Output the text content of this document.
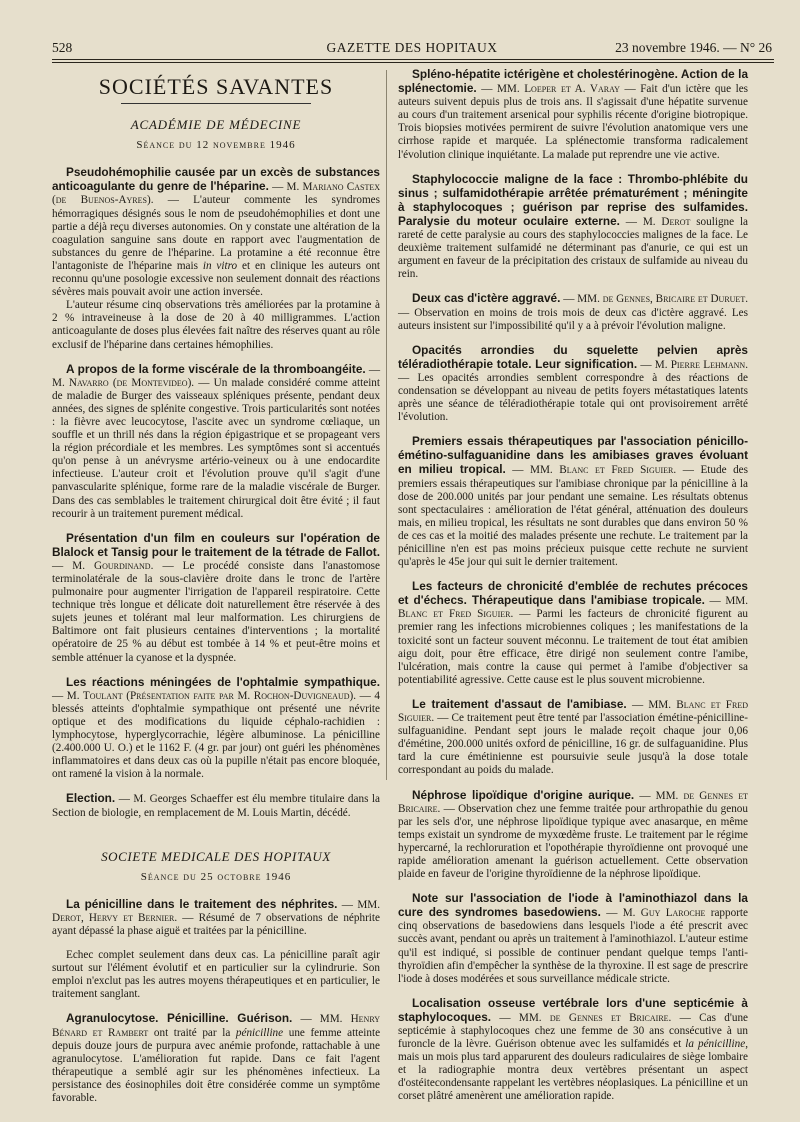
528	GAZETTE DES HOPITAUX	23 novembre 1946. — N° 26

SOCIÉTÉS SAVANTES

ACADÉMIE DE MÉDECINE

Séance du 12 novembre 1946

Pseudohémophilie causée par un excès de substances anticoagulante du genre de l'héparine. — M. Mariano Castex (de Buenos-Ayres). — L'auteur commente les syndromes hémorragiques désignés sous le nom de pseudohémophilies et dont une partie a déjà reçu diverses autonomies. On y constate une altération de la coagulation sanguine sans doute en rapport avec l'augmentation de substances du genre de l'héparine. La protamine a été reconnue être l'antagoniste de l'héparine mais in vitro et en clinique les auteurs ont reconnu qu'une posologie excessive non seulement donnait des réactions sévères mais pouvait avoir une action inversée.

L'auteur résume cinq observations très améliorées par la protamine à 2 % intraveineuse à la dose de 20 à 40 milligrammes. L'action anticoagulante de doses plus élevées fait naître des réserves quant au rôle exclusif de l'héparine dans certaines hémophilies.

A propos de la forme viscérale de la thromboangéite. — M. Navarro (de Montevideo). — Un malade considéré comme atteint de maladie de Burger des vaisseaux spléniques présente, pendant deux années, des signes de splénite congestive. Trois particularités sont notées : la fièvre avec leucocytose, l'ascite avec un syndrome cœliaque, un souffle et un thrill nés dans la région épigastrique et se propageant vers la région précordiale et les membres. Les symptômes sont si accentués qu'on pense à un anévrysme artério-veineux ou à une endocardite infectieuse. L'auteur croit et l'évolution prouve qu'il s'agit d'une panvascularite splénique, forme rare de la maladie viscérale de Burger. Dans des cas semblables le traitement chirurgical doit être évité ; il faut recourir à un traitement purement médical.

Présentation d'un film en couleurs sur l'opération de Blalock et Tansig pour le traitement de la tétrade de Fallot. — M. Gourdinand. — Le procédé consiste dans l'anastomose terminolatérale de la sous-clavière droite dans le tronc de l'artère pulmonaire pour augmenter l'irrigation de l'appareil respiratoire. Cette technique très longue et délicate doit naturellement être réservée à des sujets jeunes et tolérant mal leur malformation. Les chirurgiens de Baltimore ont fait plusieurs centaines d'interventions ; la mortalité opératoire de 25 % au début est tombée à 14 % et peut-être moins et semble atténuer la cyanose et la dyspnée.

Les réactions méningées de l'ophtalmie sympathique. — M. Toulant (Présentation faite par M. Rochon-Duvigneaud). — 4 blessés atteints d'ophtalmie sympathique ont présenté une névrite optique et des modifications du liquide céphalo-rachidien : lymphocytose, hyperglycorrachie, légère albuminose. La pénicilline (2.400.000 U. O.) et le 1162 F. (4 gr. par jour) ont guéri les phénomènes inflammatoires et dans deux cas où la pupille n'était pas encore bloquée, ont ramené la vision à la normale.

Election. — M. Georges Schaeffer est élu membre titulaire dans la Section de biologie, en remplacement de M. Louis Martin, décédé.

SOCIETE MEDICALE DES HOPITAUX

Séance du 25 octobre 1946

La pénicilline dans le traitement des néphrites. — MM. Derot, Hervy et Bernier. — Résumé de 7 observations de néphrite ayant dépassé la phase aiguë et traitées par la pénicilline.

Echec complet seulement dans deux cas. La pénicilline paraît agir surtout sur l'élément évolutif et en particulier sur la cylindrurie. Son emploi n'exclut pas les autres moyens thérapeutiques et en particulier, le traitement sanglant.

Agranulocytose. Pénicilline. Guérison. — MM. Henry Bénard et Rambert ont traité par la pénicilline une femme atteinte depuis douze jours de purpura avec anémie profonde, rattachable à une agranulocytose. L'amélioration fut rapide. Dans ce fait l'agent thérapeutique a semblé agir sur les phénomènes infectieux. La persistance des éosinophiles doit être considérée comme un symptôme favorable.

Spléno-hépatite ictérigène et cholestérinogène. Action de la splénectomie. — MM. Loeper et A. Varay — Fait d'un ictère que les auteurs suivent depuis plus de trois ans. Il s'agissait d'une hépatite survenue au cours d'un traitement arsenical pour syphilis récente d'origine biotropique. Trois biopsies motivées permirent de suivre l'évolution anatomique vers une cirrhose rapide et marquée. La splénectomie transforma radicalement l'évolution clinique inquiétante. La malade put reprendre une vie active.

Staphylococcie maligne de la face : Thrombo-phlébite du sinus ; sulfamidothérapie arrêtée prématurément ; méningite à staphylocoques ; guérison par reprise des sulfamides. Paralysie du moteur oculaire externe. — M. Derot souligne la rareté de cette paralysie au cours des staphylococcies malignes de la face. Le deuxième traitement sulfamidé ne déterminant pas d'anurie, ce qui est un argument en faveur de la précipitation des cristaux de sulfamide au niveau du rein.

Deux cas d'ictère aggravé. — MM. de Gennes, Bricaire et Duruet. — Observation en moins de trois mois de deux cas d'ictère aggravé. Les auteurs insistent sur l'impossibilité qu'il y a à prévoir l'évolution maligne.

Opacités arrondies du squelette pelvien après téléradiothérapie totale. Leur signification. — M. Pierre Lehmann. — Les opacités arrondies semblent correspondre à des réactions de condensation se développant au niveau de petits foyers métastatiques latents après une séance de téléradiothérapie totale qui ont provisoirement arrêté l'évolution.

Premiers essais thérapeutiques par l'association pénicillo-émétino-sulfaguanidine dans les amibiases graves évoluant en milieu tropical. — MM. Blanc et Fred Siguier. — Etude des premiers essais thérapeutiques sur l'amibiase chronique par la pénicilline à la dose de 200.000 unités par jour pendant une semaine. Les résultats obtenus sont spectaculaires : amélioration de l'état général, atténuation des douleurs mais, en milieu tropical, les résultats ne sont durables que dans environ 50 % de ces cas et la moitié des malades présente une rechute. Le traitement par la pénicilline n'en est pas moins précieux puisque cette rechute ne survient qu'après le 45e jour qui suit le dernier traitement.

Les facteurs de chronicité d'emblée de rechutes précoces et d'échecs. Thérapeutique dans l'amibiase tropicale. — MM. Blanc et Fred Siguier. — Parmi les facteurs de chronicité figurent au premier rang les infections microbiennes coliques ; les manifestations de la toxicité sont un facteur souvent méconnu. Le traitement de tout état amibien aigu doit, pour être efficace, être dirigé non seulement contre l'amibe, l'ulcération, mais contre la cause qui permet à l'amibe d'objectiver sa potentiabilité agressive. Cette cause est le plus souvent microbienne.

Le traitement d'assaut de l'amibiase. — MM. Blanc et Fred Siguier. — Ce traitement peut être tenté par l'association émétine-pénicilline-sulfaguanidine. Pendant sept jours le malade reçoit chaque jour 0,06 d'émétine, 200.000 unités oxford de pénicilline, 16 gr. de sulfaguanidine. Plus tard la cure émétinienne est poursuivie seule jusqu'à la dose totale correspondant au poids du malade.

Néphrose lipoïdique d'origine aurique. — MM. de Gennes et Bricaire. — Observation chez une femme traitée pour arthropathie du genou par les sels d'or, une néphrose lipoïdique typique avec anasarque, en même temps existait un syndrome de myxœdème fruste. Le traitement par le régime hypercarné, la rechloruration et l'opothérapie thyroïdienne ont provoqué une rapide amélioration amenant la guérison actuellement. Cette observation plaide en faveur de l'origine thyroïdienne de la néphrose lipoïdique.

Note sur l'association de l'iode à l'aminothiazol dans la cure des syndromes basedowiens. — M. Guy Laroche rapporte cinq observations de basedowiens dans lesquels l'iode a été prescrit avec succès avant, pendant ou après un traitement à l'aminothiazol. L'auteur estime qu'il est indiqué, si possible de continuer pendant quelque temps l'anti-thyroïdien afin d'empêcher la synthèse de la thyroxine. Il est sage de prescrire l'iode à doses modérées et sous surveillance médicale stricte.

Localisation osseuse vertébrale lors d'une septicémie à staphylocoques. — MM. de Gennes et Bricaire. — Cas d'une septicémie à staphylocoques chez une femme de 30 ans consécutive à un furoncle de la lèvre. Guérison obtenue avec les sulfamidés et la pénicilline, mais un mois plus tard apparurent des douleurs radiculaires de siège lombaire et la radiographie montra deux vertèbres présentant un aspect d'ostéitecondensante rappelant les vertèbres néoplasiques. La pénicilline et un corset plâtré amenèrent une amélioration rapide.
